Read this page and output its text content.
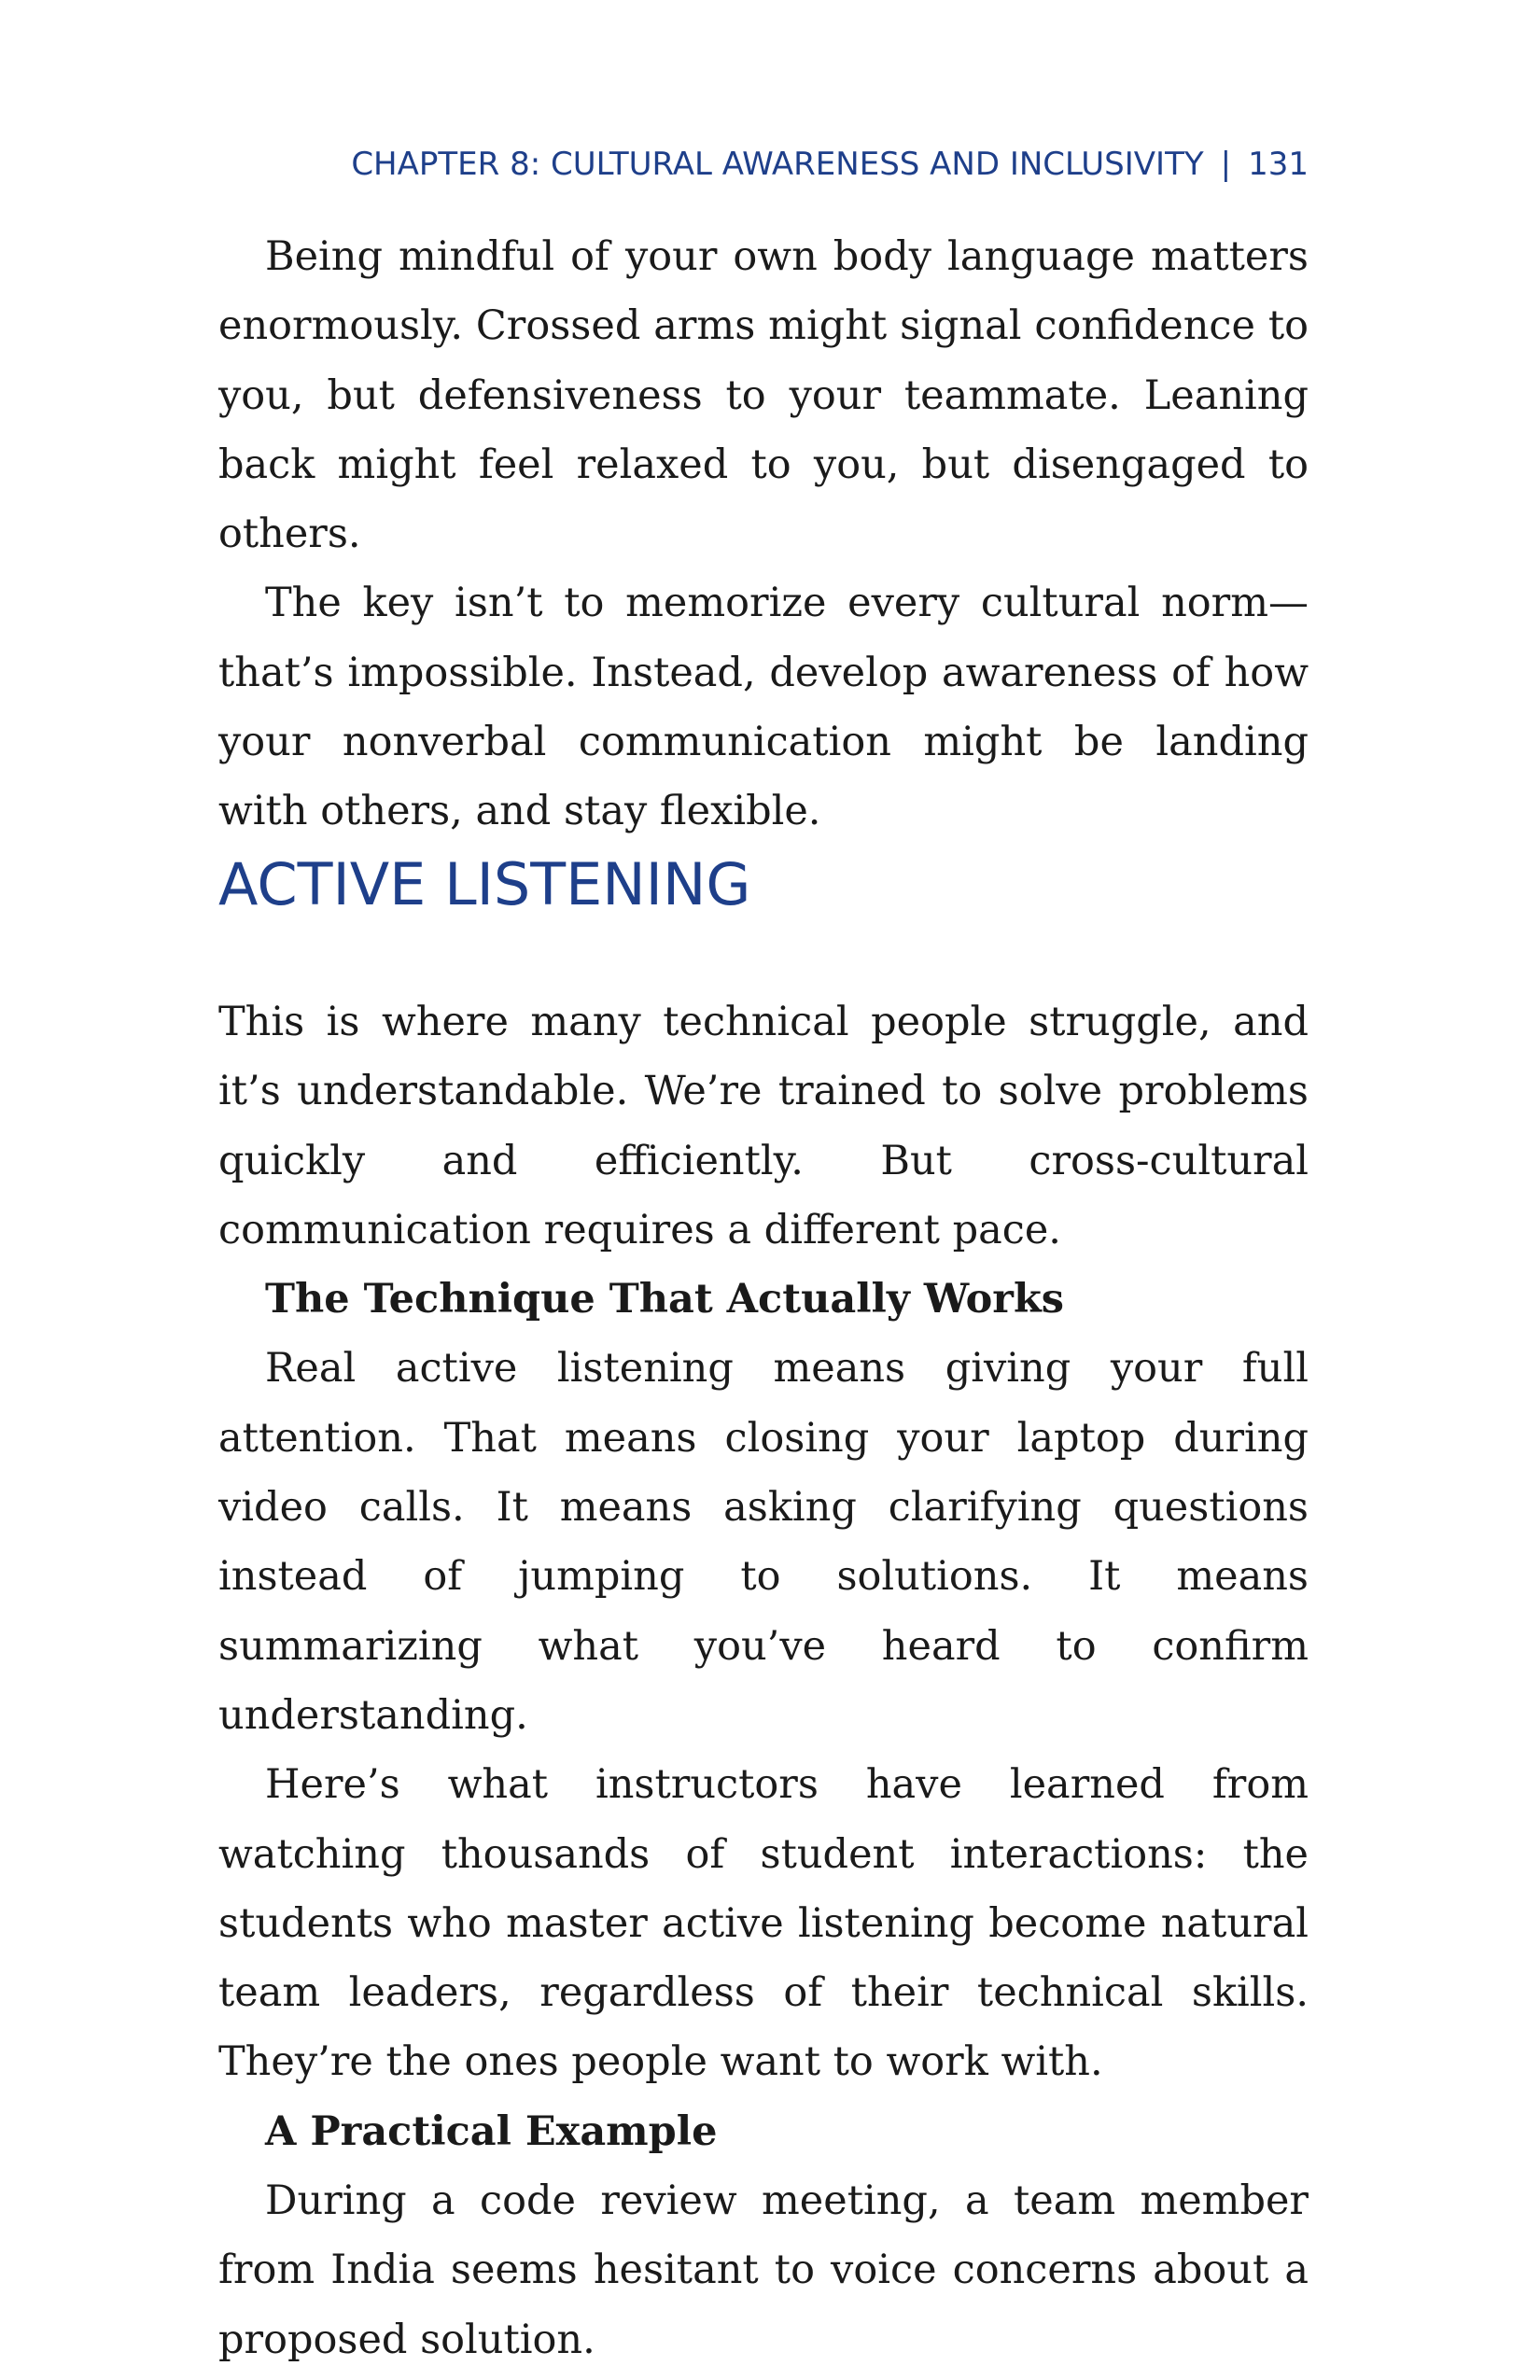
CHAPTER 8: CULTURAL AWARENESS AND INCLUSIVITY | 131

Being mindful of your own body language matters enormously. Crossed arms might signal confidence to you, but defensiveness to your teammate. Leaning back might feel relaxed to you, but disengaged to others.

The key isn’t to memorize every cultural norm—that’s impossible. Instead, develop awareness of how your nonverbal communication might be landing with others, and stay flexible.

ACTIVE LISTENING

This is where many technical people struggle, and it’s understandable. We’re trained to solve problems quickly and efficiently. But cross-cultural communication requires a different pace.

The Technique That Actually Works

Real active listening means giving your full attention. That means closing your laptop during video calls. It means asking clarifying questions instead of jumping to solutions. It means summarizing what you’ve heard to confirm understanding.

Here’s what instructors have learned from watching thousands of student interactions: the students who master active listening become natural team leaders, regardless of their technical skills. They’re the ones people want to work with.

A Practical Example

During a code review meeting, a team member from India seems hesitant to voice concerns about a proposed solution.
